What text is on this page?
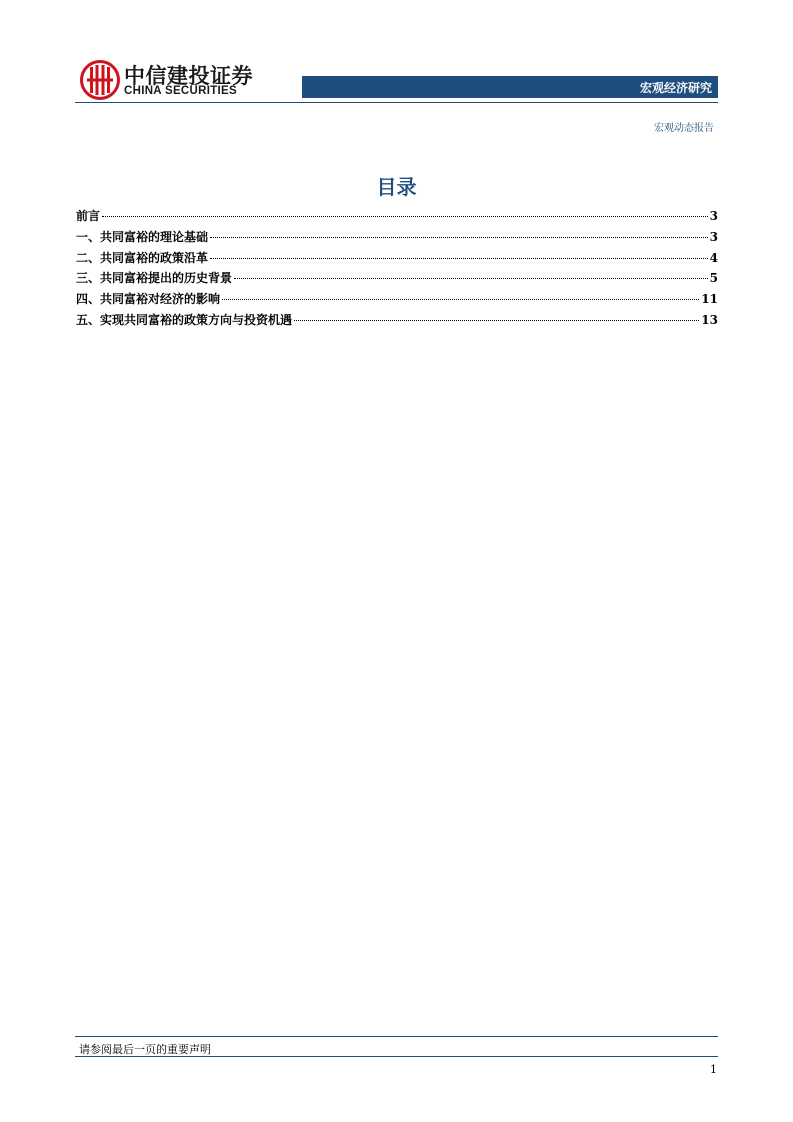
中信建投证券
CHINA SECURITIES	宏观经济研究
宏观动态报告
目录
前言	3
一、共同富裕的理论基础	3
二、共同富裕的政策沿革	4
三、共同富裕提出的历史背景	5
四、共同富裕对经济的影响	11
五、实现共同富裕的政策方向与投资机遇	13
请参阅最后一页的重要声明
1
